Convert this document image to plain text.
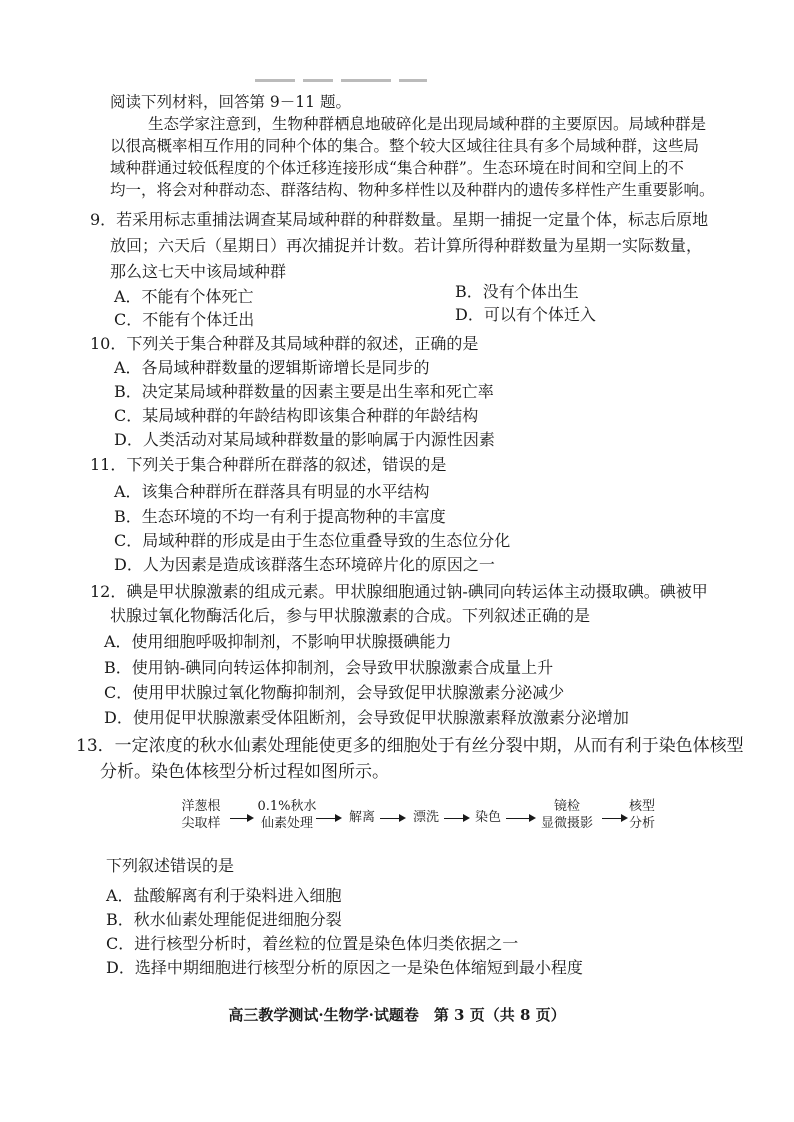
阅读下列材料，回答第 9－11 题。
生态学家注意到，生物种群栖息地破碎化是出现局域种群的主要原因。局域种群是
以很高概率相互作用的同种个体的集合。整个较大区域往往具有多个局域种群，这些局
域种群通过较低程度的个体迁移连接形成“集合种群”。生态环境在时间和空间上的不
均一，将会对种群动态、群落结构、物种多样性以及种群内的遗传多样性产生重要影响。
9．若采用标志重捕法调查某局域种群的种群数量。星期一捕捉一定量个体，标志后原地
放回；六天后（星期日）再次捕捉并计数。若计算所得种群数量为星期一实际数量，
那么这七天中该局域种群
A．不能有个体死亡	B．没有个体出生
C．不能有个体迁出	D．可以有个体迁入
10．下列关于集合种群及其局域种群的叙述，正确的是
A．各局域种群数量的逻辑斯谛增长是同步的
B．决定某局域种群数量的因素主要是出生率和死亡率
C．某局域种群的年龄结构即该集合种群的年龄结构
D．人类活动对某局域种群数量的影响属于内源性因素
11．下列关于集合种群所在群落的叙述，错误的是
A．该集合种群所在群落具有明显的水平结构
B．生态环境的不均一有利于提高物种的丰富度
C．局域种群的形成是由于生态位重叠导致的生态位分化
D．人为因素是造成该群落生态环境碎片化的原因之一
12．碘是甲状腺激素的组成元素。甲状腺细胞通过钠-碘同向转运体主动摄取碘。碘被甲
状腺过氧化物酶活化后，参与甲状腺激素的合成。下列叙述正确的是
A．使用细胞呼吸抑制剂，不影响甲状腺摄碘能力
B．使用钠-碘同向转运体抑制剂，会导致甲状腺激素合成量上升
C．使用甲状腺过氧化物酶抑制剂，会导致促甲状腺激素分泌减少
D．使用促甲状腺激素受体阻断剂，会导致促甲状腺激素释放激素分泌增加
13．一定浓度的秋水仙素处理能使更多的细胞处于有丝分裂中期，从而有利于染色体核型
分析。染色体核型分析过程如图所示。
洋葱根
尖取样
0.1%秋水
仙素处理	解离	漂洗	染色
镜检
显微摄影
核型
分析
下列叙述错误的是
A．盐酸解离有利于染料进入细胞
B．秋水仙素处理能促进细胞分裂
C．进行核型分析时，着丝粒的位置是染色体归类依据之一
D．选择中期细胞进行核型分析的原因之一是染色体缩短到最小程度
高三教学测试·生物学·试题卷　第 3 页（共 8 页）
